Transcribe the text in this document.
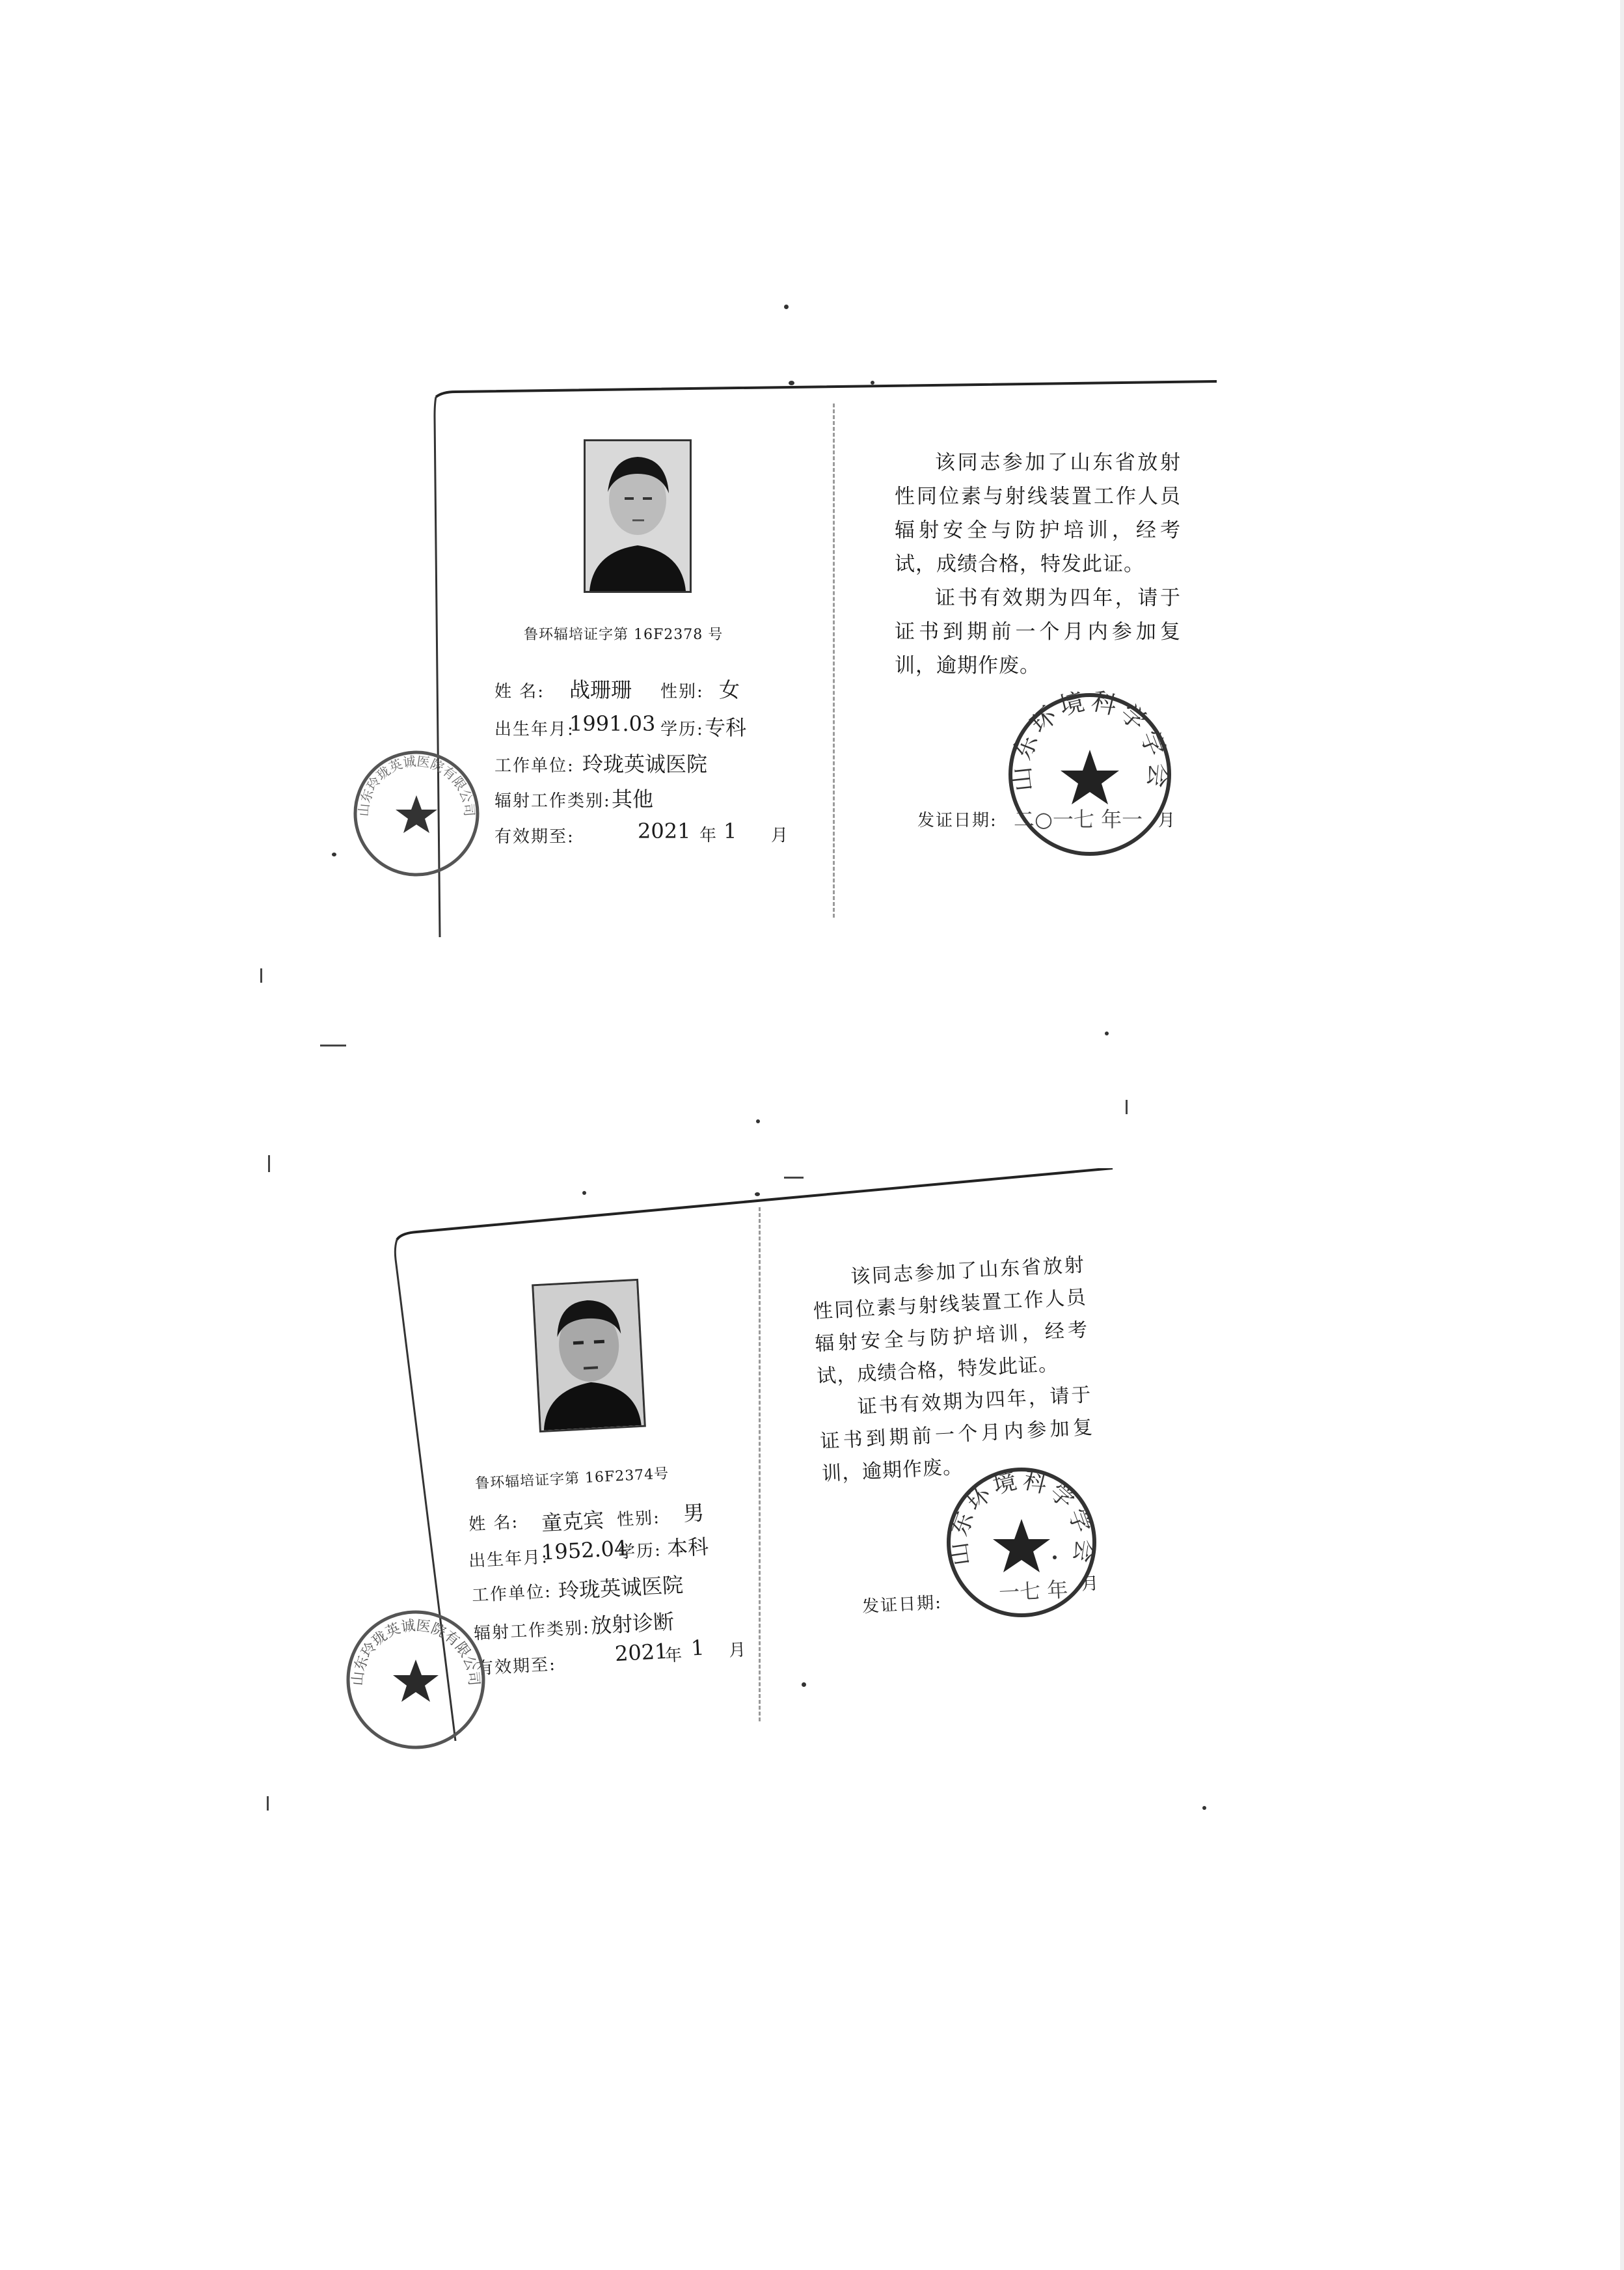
鲁环辐培证字第 16F2378 号
姓 名: 战珊珊 性别: 女
出生年月:
1991.03 学历: 专科
工作单位: 玲珑英诚医院
辐射工作类别: 其他
有效期至:	2021 年 1 月

该同志参加了山东省放射性同位素与射线装置工作人员辐射安全与防护培训，经考试，成绩合格，特发此证。

证书有效期为四年，请于证书到期前一个月内参加复训，逾期作废。

发证日期: 二○一七 年一 月
山东环境科学学会
山东玲珑英诚医院有限公司
鲁环辐培证字第 16F2374号
姓 名: 童克宾 性别: 男
出生年月:
1952.04
学历: 本科
工作单位: 玲珑英诚医院
辐射工作类别: 放射诊断
有效期至:
2021
年 1 月

该同志参加了山东省放射性同位素与射线装置工作人员辐射安全与防护培训，经考试，成绩合格，特发此证。

证书有效期为四年，请于证书到期前一个月内参加复训，逾期作废。

发证日期:	一七 年 月
山东环境科学学会
山东玲珑英诚医院有限公司
